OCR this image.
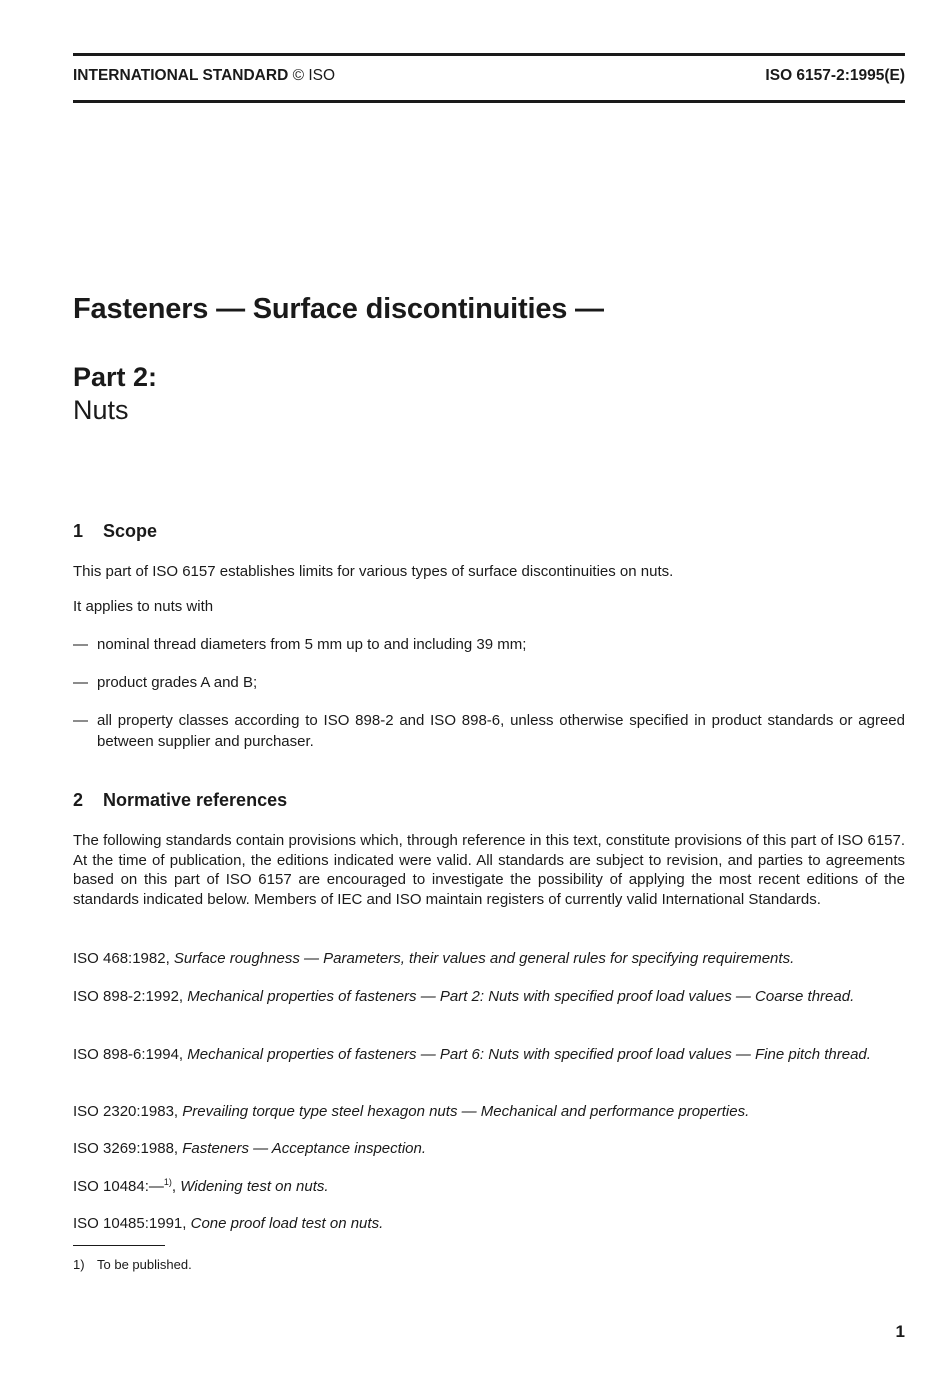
INTERNATIONAL STANDARD © ISO	ISO 6157-2:1995(E)
Fasteners — Surface discontinuities —
Part 2:
Nuts
1 Scope

This part of ISO 6157 establishes limits for various types of surface discontinuities on nuts.

It applies to nuts with

— nominal thread diameters from 5 mm up to and including 39 mm;
— product grades A and B;
— all property classes according to ISO 898-2 and ISO 898-6, unless otherwise specified in product standards or agreed between supplier and purchaser.
2 Normative references

The following standards contain provisions which, through reference in this text, constitute provisions of this part of ISO 6157. At the time of publication, the editions indicated were valid. All standards are subject to revision, and parties to agreements based on this part of ISO 6157 are encouraged to investigate the possibility of applying the most recent editions of the standards indicated below. Members of IEC and ISO maintain registers of currently valid International Standards.

ISO 468:1982, Surface roughness — Parameters, their values and general rules for specifying requirements.
ISO 898-2:1992, Mechanical properties of fasteners — Part 2: Nuts with specified proof load values — Coarse thread.
ISO 898-6:1994, Mechanical properties of fasteners — Part 6: Nuts with specified proof load values — Fine pitch thread.
ISO 2320:1983, Prevailing torque type steel hexagon nuts — Mechanical and performance properties.
ISO 3269:1988, Fasteners — Acceptance inspection.
ISO 10484:—$^{1)}$, Widening test on nuts.
ISO 10485:1991, Cone proof load test on nuts.
1) To be published.
1
